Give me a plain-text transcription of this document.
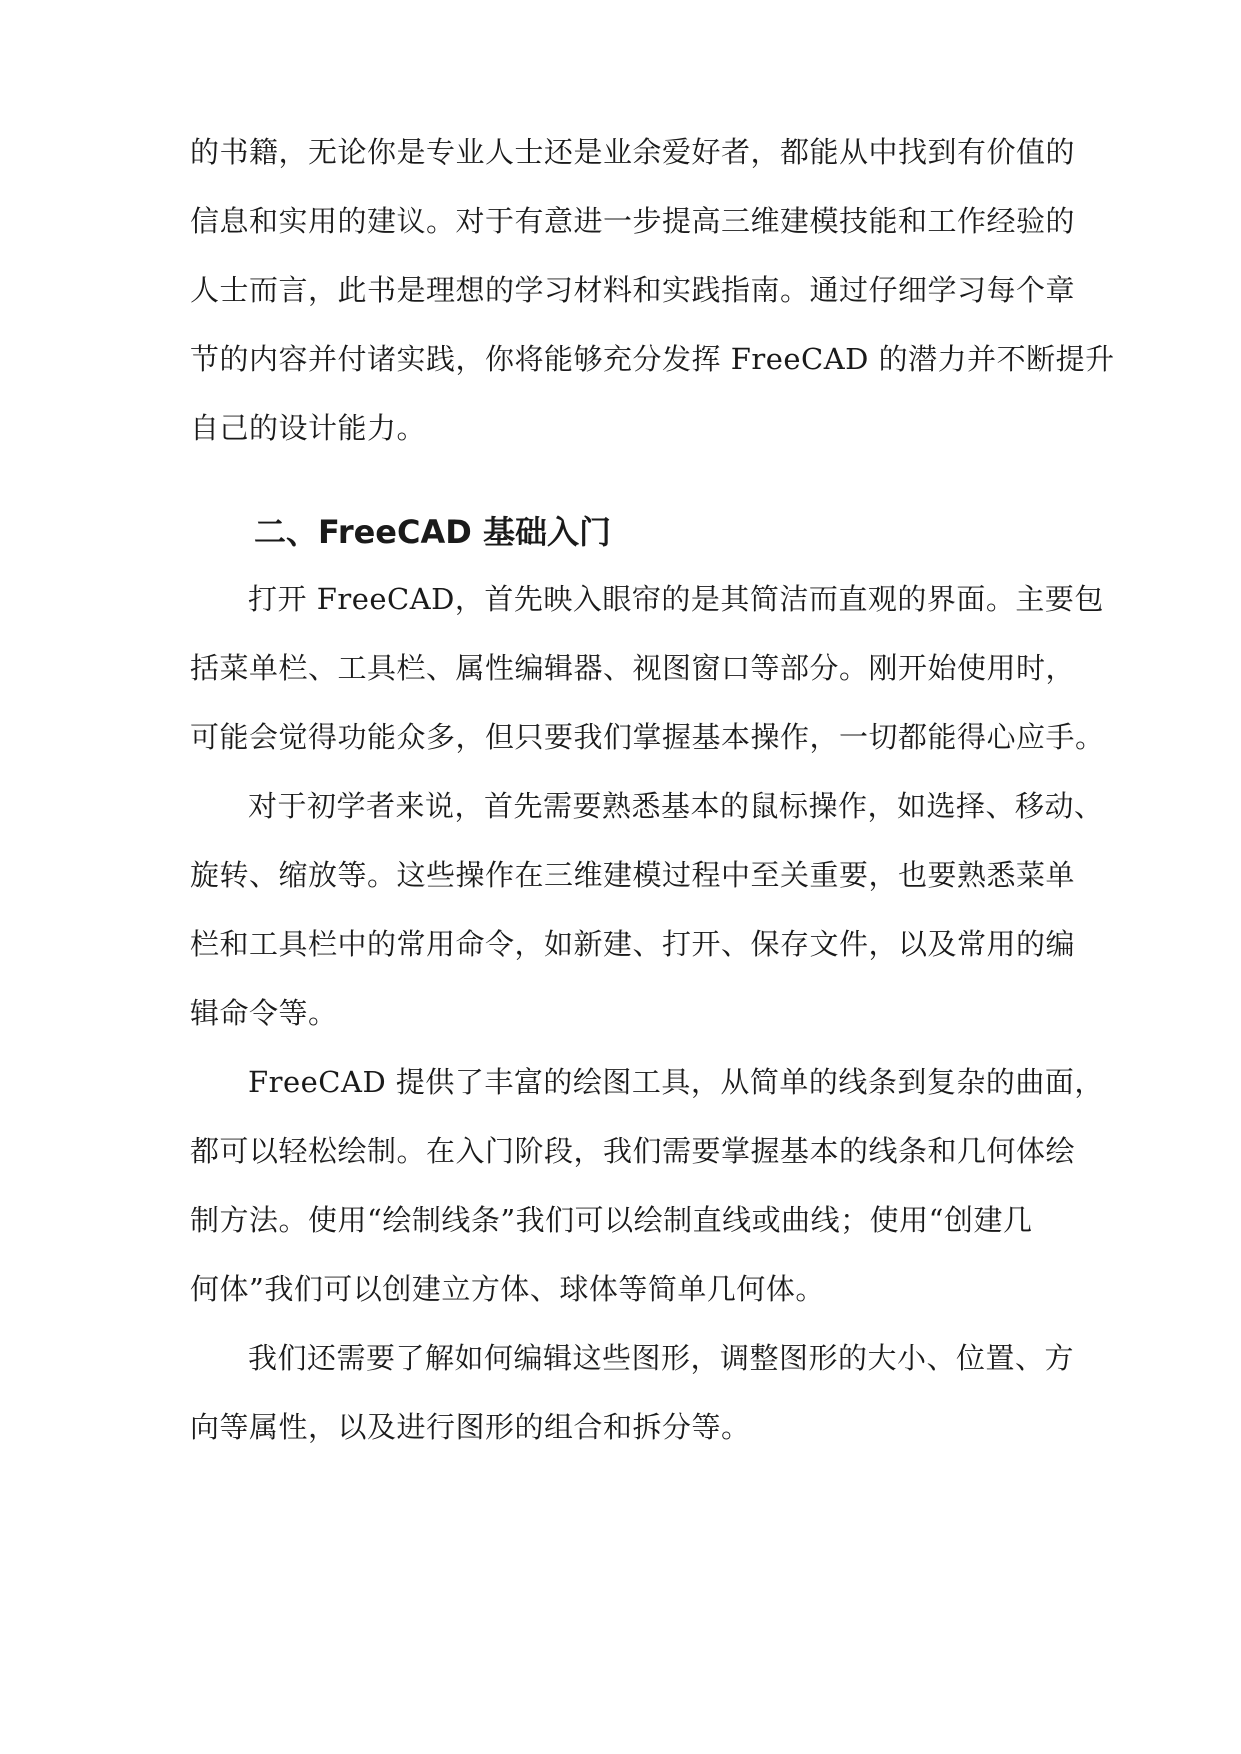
的书籍，无论你是专业人士还是业余爱好者，都能从中找到有价值的
信息和实用的建议。对于有意进一步提高三维建模技能和工作经验的
人士而言，此书是理想的学习材料和实践指南。通过仔细学习每个章
节的内容并付诸实践，你将能够充分发挥 FreeCAD 的潜力并不断提升
自己的设计能力。
二、FreeCAD 基础入门
打开 FreeCAD，首先映入眼帘的是其简洁而直观的界面。主要包
括菜单栏、工具栏、属性编辑器、视图窗口等部分。刚开始使用时，
可能会觉得功能众多，但只要我们掌握基本操作，一切都能得心应手。
对于初学者来说，首先需要熟悉基本的鼠标操作，如选择、移动、
旋转、缩放等。这些操作在三维建模过程中至关重要，也要熟悉菜单
栏和工具栏中的常用命令，如新建、打开、保存文件，以及常用的编
辑命令等。
FreeCAD 提供了丰富的绘图工具，从简单的线条到复杂的曲面，
都可以轻松绘制。在入门阶段，我们需要掌握基本的线条和几何体绘
制方法。使用“绘制线条”我们可以绘制直线或曲线；使用“创建几
何体”我们可以创建立方体、球体等简单几何体。
我们还需要了解如何编辑这些图形，调整图形的大小、位置、方
向等属性，以及进行图形的组合和拆分等。
